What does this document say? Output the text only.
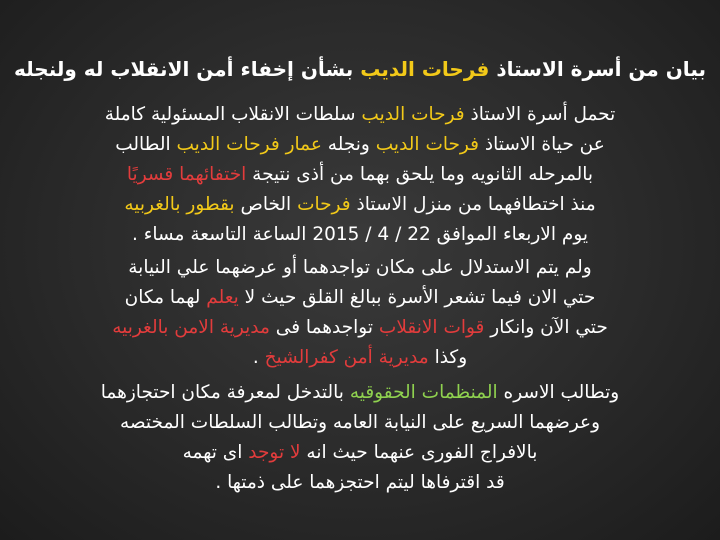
بيان من أسرة الاستاذ فرحات الديب بشأن إخفاء أمن الانقلاب له ولنجله
تحمل أسرة الاستاذ فرحات الديب سلطات الانقلاب المسئولية كاملة
عن حياة الاستاذ فرحات الديب ونجله عمار فرحات الديب الطالب
بالمرحله الثانويه وما يلحق بهما من أذى نتيجة اختفائهما قسريًا
منذ اختطافهما من منزل الاستاذ فرحات الخاص بقطور بالغربيه
يوم الاربعاء الموافق 22 / 4 / 2015 الساعة التاسعة مساء .
ولم يتم الاستدلال على مكان تواجدهما أو عرضهما علي النيابة
حتي الان فيما تشعر الأسرة ببالغ القلق حيث لا يعلم لهما مكان
حتي الآن وانكار قوات الانقلاب تواجدهما فى مديرية الامن بالغربيه
وكذا مديرية أمن كفرالشيخ .
وتطالب الاسره المنظمات الحقوقيه بالتدخل لمعرفة مكان احتجازهما
وعرضهما السريع على النيابة العامه وتطالب السلطات المختصه
بالافراج الفورى عنهما حيث انه لا توجد اى تهمه
قد اقترفاها ليتم احتجزهما على ذمتها .
